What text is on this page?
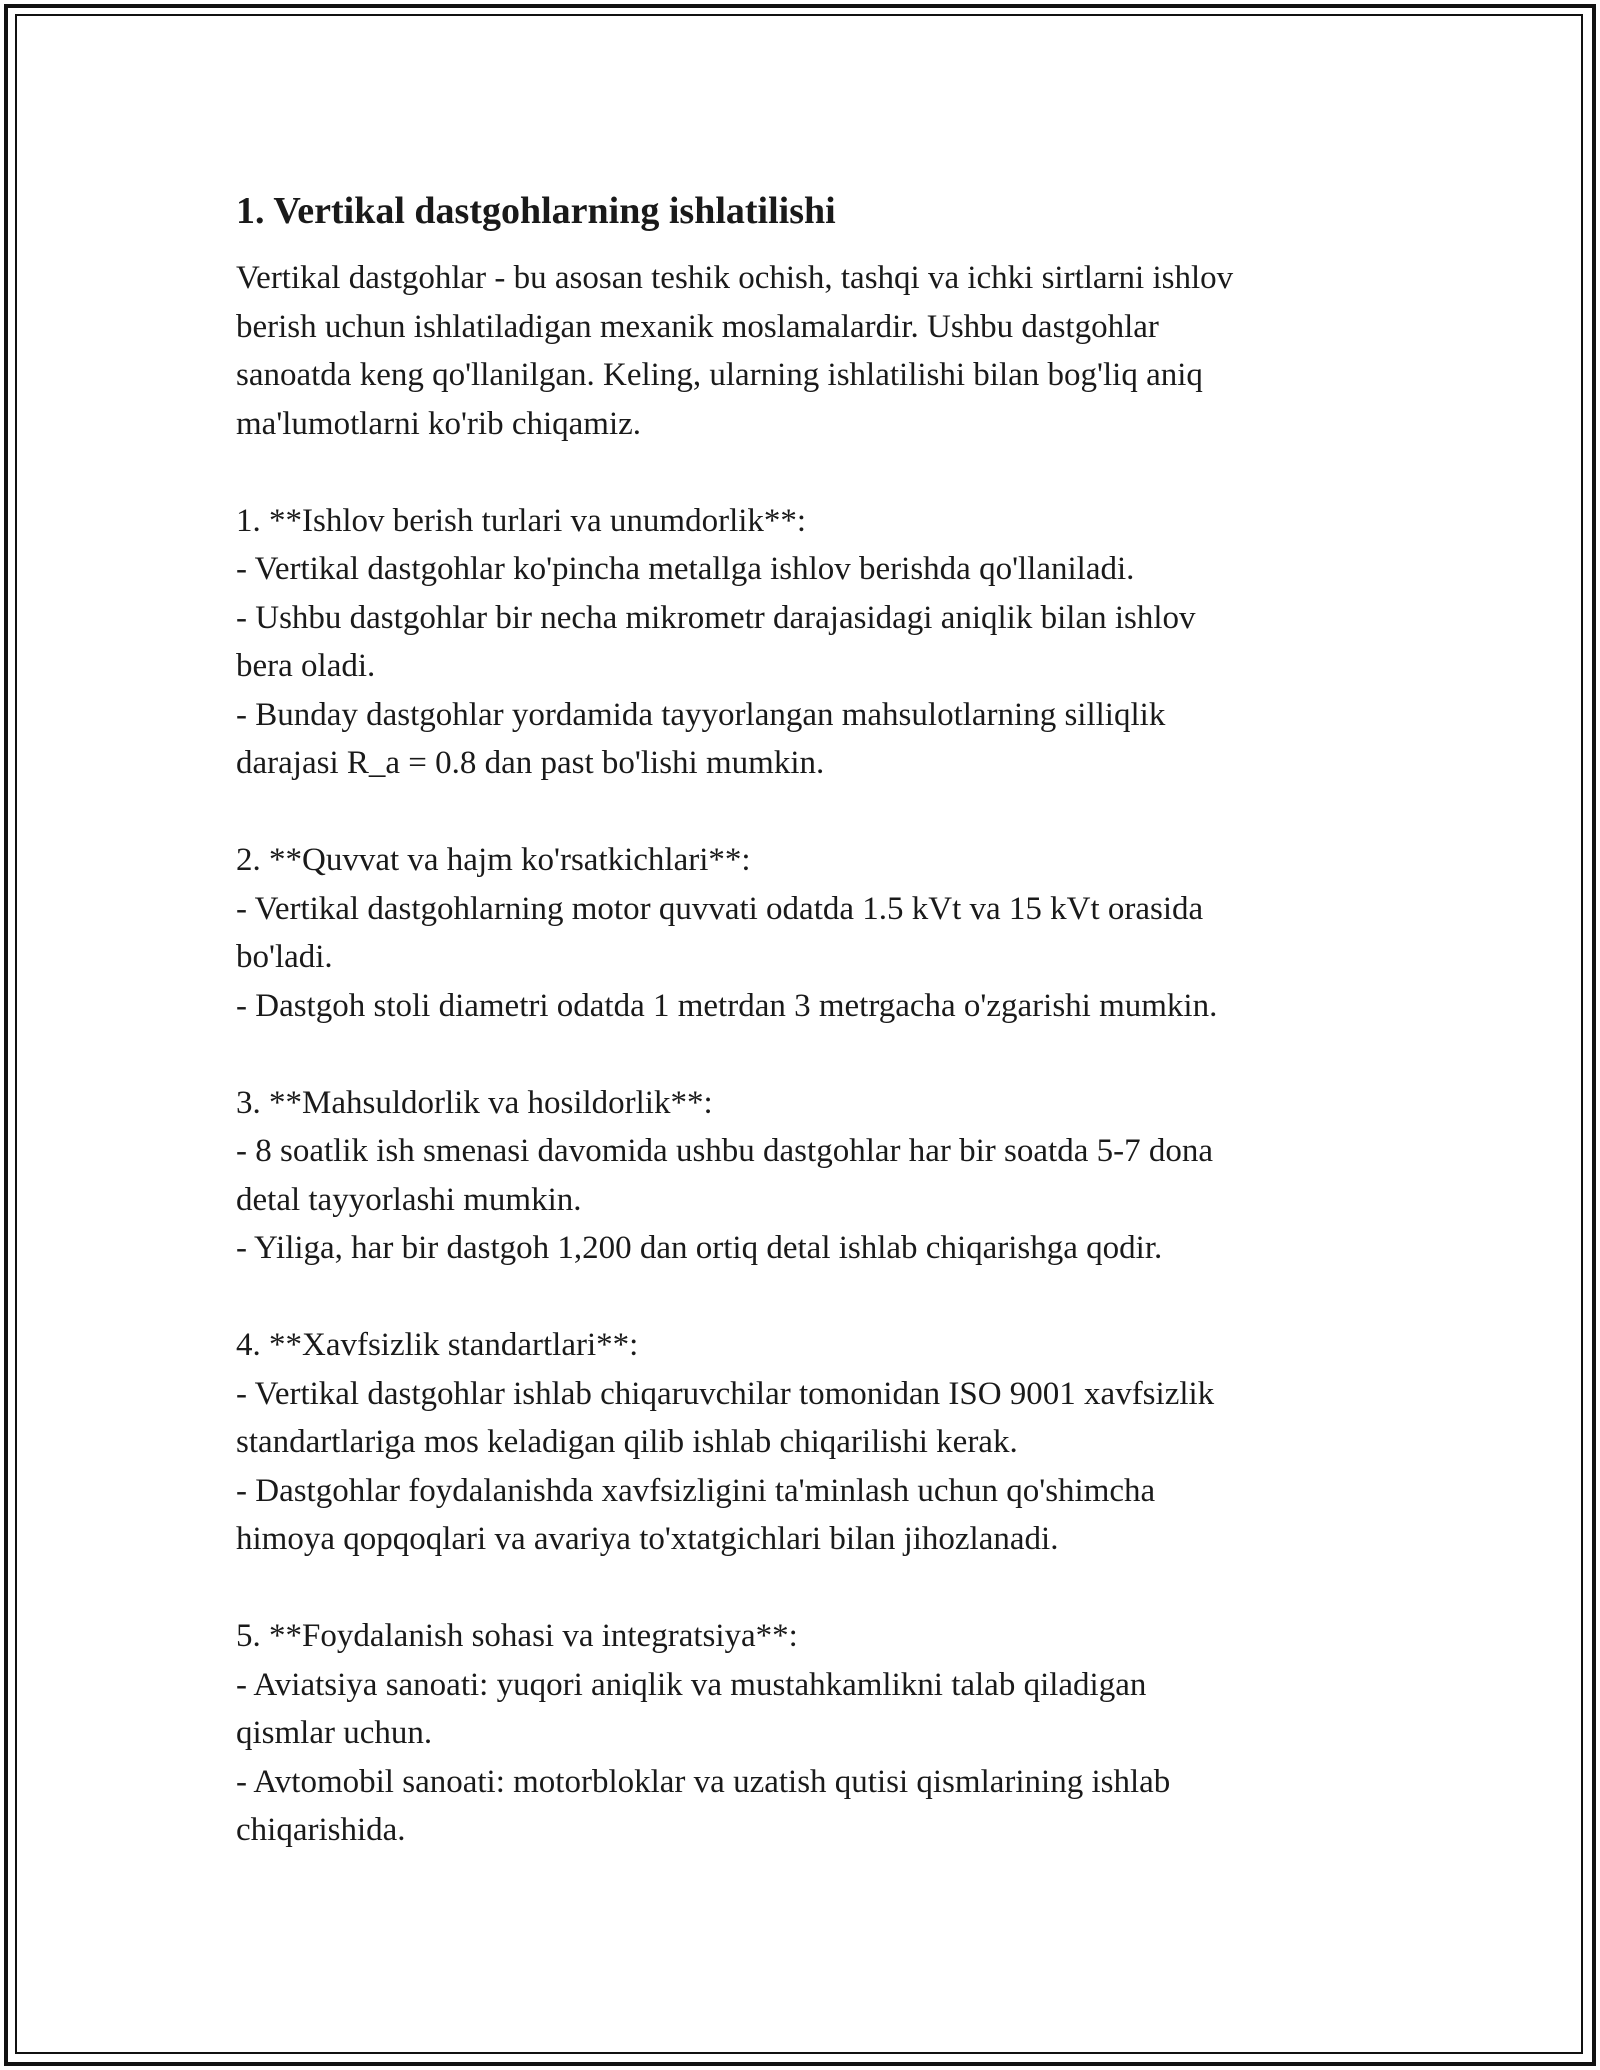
1. Vertikal dastgohlarning ishlatilishi

Vertikal dastgohlar - bu asosan teshik ochish, tashqi va ichki sirtlarni ishlov
berish uchun ishlatiladigan mexanik moslamalardir. Ushbu dastgohlar
sanoatda keng qo'llanilgan. Keling, ularning ishlatilishi bilan bog'liq aniq
ma'lumotlarni ko'rib chiqamiz.

1. **Ishlov berish turlari va unumdorlik**:
- Vertikal dastgohlar ko'pincha metallga ishlov berishda qo'llaniladi.
- Ushbu dastgohlar bir necha mikrometr darajasidagi aniqlik bilan ishlov
bera oladi.
- Bunday dastgohlar yordamida tayyorlangan mahsulotlarning silliqlik
darajasi R_a = 0.8 dan past bo'lishi mumkin.

2. **Quvvat va hajm ko'rsatkichlari**:
- Vertikal dastgohlarning motor quvvati odatda 1.5 kVt va 15 kVt orasida
bo'ladi.
- Dastgoh stoli diametri odatda 1 metrdan 3 metrgacha o'zgarishi mumkin.

3. **Mahsuldorlik va hosildorlik**:
- 8 soatlik ish smenasi davomida ushbu dastgohlar har bir soatda 5-7 dona
detal tayyorlashi mumkin.
- Yiliga, har bir dastgoh 1,200 dan ortiq detal ishlab chiqarishga qodir.

4. **Xavfsizlik standartlari**:
- Vertikal dastgohlar ishlab chiqaruvchilar tomonidan ISO 9001 xavfsizlik
standartlariga mos keladigan qilib ishlab chiqarilishi kerak.
- Dastgohlar foydalanishda xavfsizligini ta'minlash uchun qo'shimcha
himoya qopqoqlari va avariya to'xtatgichlari bilan jihozlanadi.

5. **Foydalanish sohasi va integratsiya**:
- Aviatsiya sanoati: yuqori aniqlik va mustahkamlikni talab qiladigan
qismlar uchun.
- Avtomobil sanoati: motorbloklar va uzatish qutisi qismlarining ishlab
chiqarishida.
